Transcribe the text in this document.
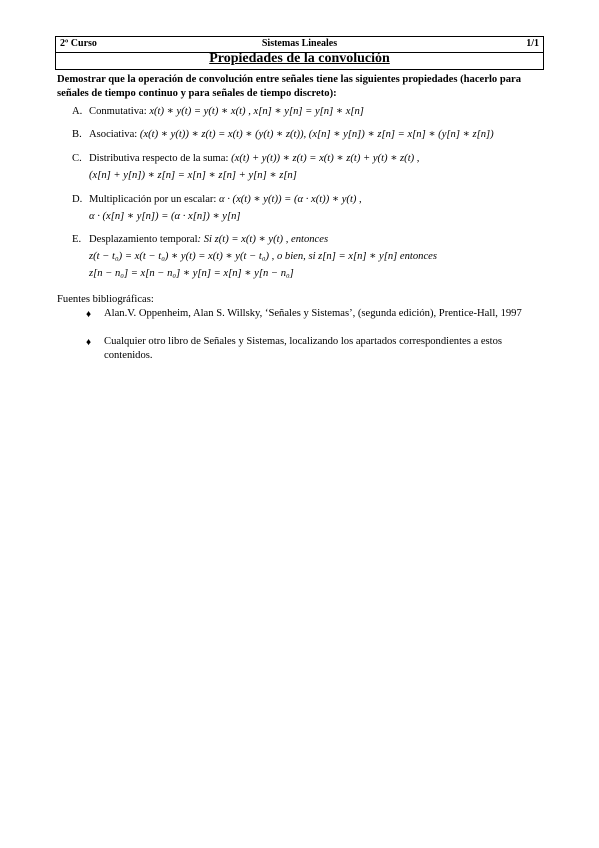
2º Curso	Sistemas Lineales	1/1
Propiedades de la convolución
Demostrar que la operación de convolución entre señales tiene las siguientes propiedades (hacerlo para señales de tiempo continuo y para señales de tiempo discreto):
A. Conmutativa: x(t) ∗ y(t) = y(t) ∗ x(t) , x[n] ∗ y[n] = y[n] ∗ x[n]
B. Asociativa: (x(t) ∗ y(t)) ∗ z(t) = x(t) ∗ (y(t) ∗ z(t)), (x[n] ∗ y[n]) ∗ z[n] = x[n] ∗ (y[n] ∗ z[n])
C. Distributiva respecto de la suma: (x(t) + y(t)) ∗ z(t) = x(t) ∗ z(t) + y(t) ∗ z(t) ,
(x[n] + y[n]) ∗ z[n] = x[n] ∗ z[n] + y[n] ∗ z[n]
D. Multiplicación por un escalar: α · (x(t) ∗ y(t)) = (α · x(t)) ∗ y(t) ,
α · (x[n] ∗ y[n]) = (α · x[n]) ∗ y[n]
E. Desplazamiento temporal: Si z(t) = x(t) ∗ y(t) , entonces
z(t − t₀) = x(t − t₀) ∗ y(t) = x(t) ∗ y(t − t₀) , o bien, si z[n] = x[n] ∗ y[n] entonces
z[n − n₀] = x[n − n₀] ∗ y[n] = x[n] ∗ y[n − n₀]
Fuentes bibliográficas:
♦ Alan.V. Oppenheim, Alan S. Willsky, ‘Señales y Sistemas’, (segunda edición), Prentice-Hall, 1997
♦ Cualquier otro libro de Señales y Sistemas, localizando los apartados correspondientes a estos contenidos.
